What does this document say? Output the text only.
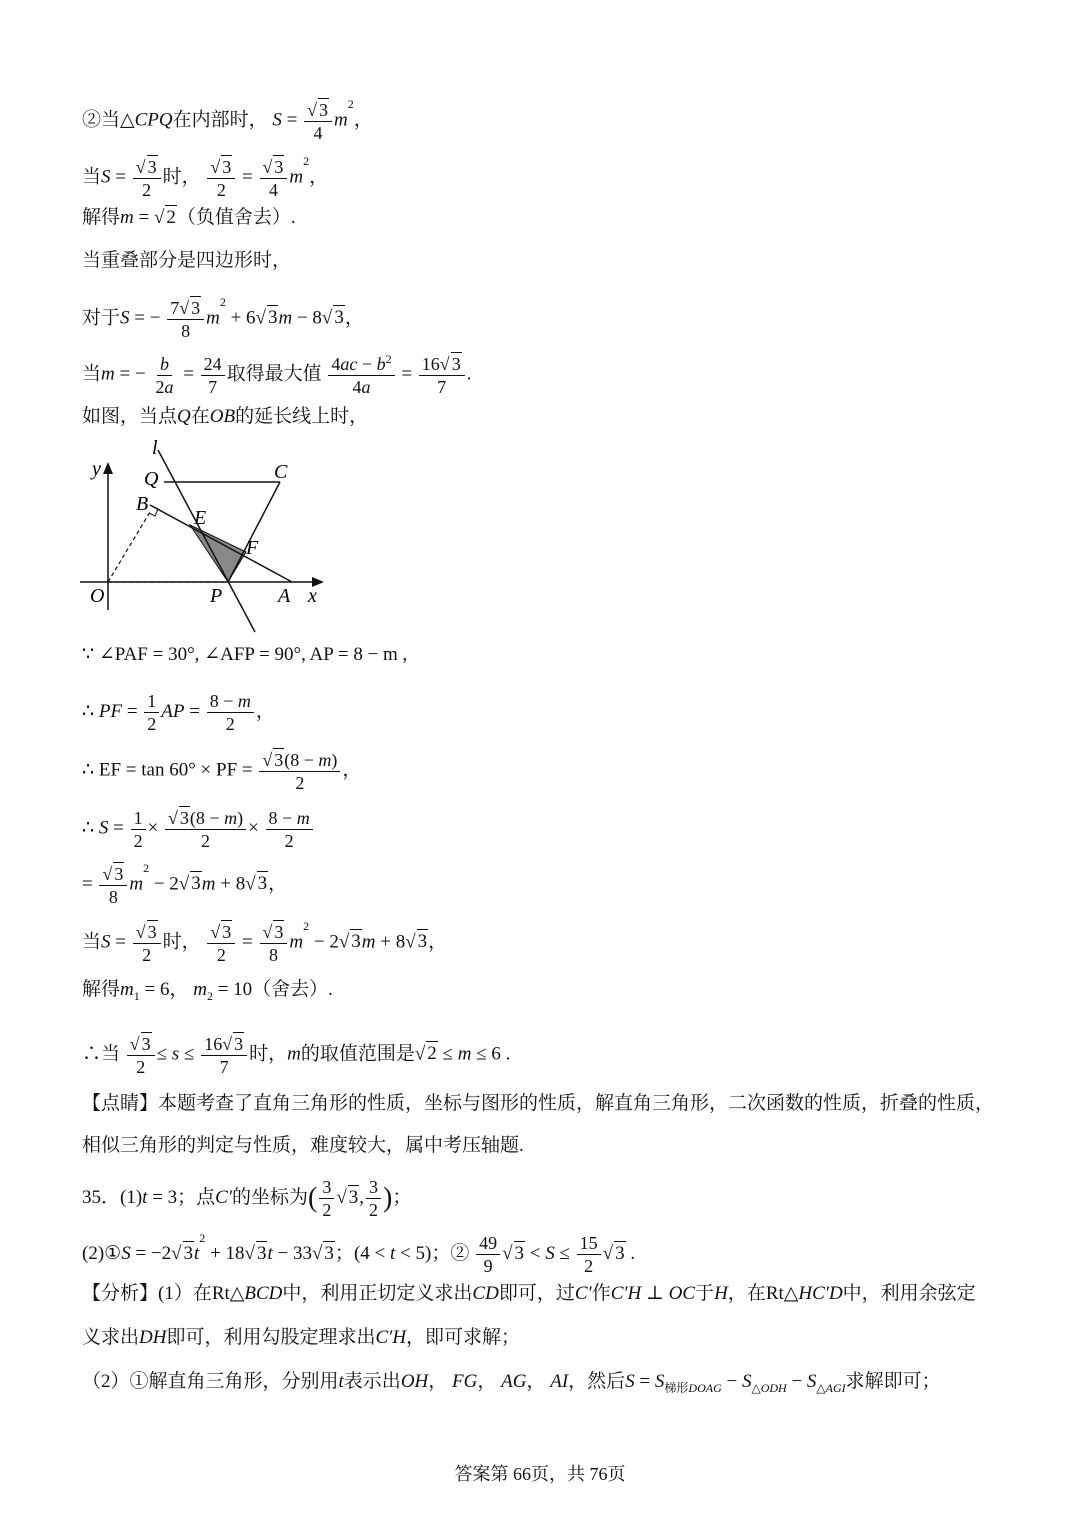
②当△CPQ在内部时， $S = \frac{√ 3}{4} m^2$，
当$S = \frac{√ 3}{2}$ 时， $\frac{√ 3}{2} = \frac{√ 3}{4} m^2$，
解得m = √ 2（负值舍去）.
当重叠部分是四边形时，
对于S = − $\frac{7√ 3}{8} m^2 + 6√$ 3m − 8√ 3，
当m = − $\frac{b}{2a} = \frac{24}{7}$ 取得最大值 $\frac{4ac - b^2}{4a} = \frac{16√ 3}{7}$ .
如图，当点Q在OB的延长线上时，
y
x
O
l
Q	C
B
E
F
P	A
∵ ∠PAF = 30°, ∠AFP = 90°, AP = 8 − m ,
∴ PF = $\frac{1}{2}$ AP = $\frac{8 - m}{2}$ ，
∴ EF = tan 60° × PF = $\frac{√ 3(8 - m)}{2}$ ，
∴ $S = \frac{1}{2} \times \frac{√ 3(8 - m)}{2} \times \frac{8 - m}{2}$
= $\frac{√ 3}{8} m^2 - 2√$ 3m + 8√ 3，
当$S = \frac{√ 3}{2}$ 时， $\frac{√ 3}{2} = \frac{√ 3}{8} m^2 - 2√$ 3m + 8√ 3，
解得$m_1 = 6$， $m_2 = 10$（舍去）.
∴当 $\frac{√ 3}{2} \le s \le \frac{16√ 3}{7}$ 时，m的取值范围是√ 2 ≤ m ≤ 6 .
【点睛】本题考查了直角三角形的性质，坐标与图形的性质，解直角三角形，二次函数的性质，折叠的性质，相似三角形的判定与性质，难度较大，属中考压轴题.
35．(1)t = 3；点C′的坐标为( $\frac{3}{2}$ √ 3, $\frac{3}{2}$ )；
(2)①S = −2√ $3t^2 + 18√$ 3t − 33√ 3；(4 < t < 5)；② $\frac{49}{9}$ √ $3 < S \le \frac{15}{2}$ √ 3 .
【分析】(1）在Rt△BCD中，利用正切定义求出CD即可，过C′作C′H ⊥ OC于H，在Rt△HC′D中，利用余弦定
义求出DH即可，利用勾股定理求出C′H，即可求解；
（2）①解直角三角形，分别用t表示出OH， FG， AG， AI，然后$S = S_{梯形DOAG} - S_{\triangle ODH} - S_{\triangle AGI}$求解即可；
答案第 66页，共 76页
